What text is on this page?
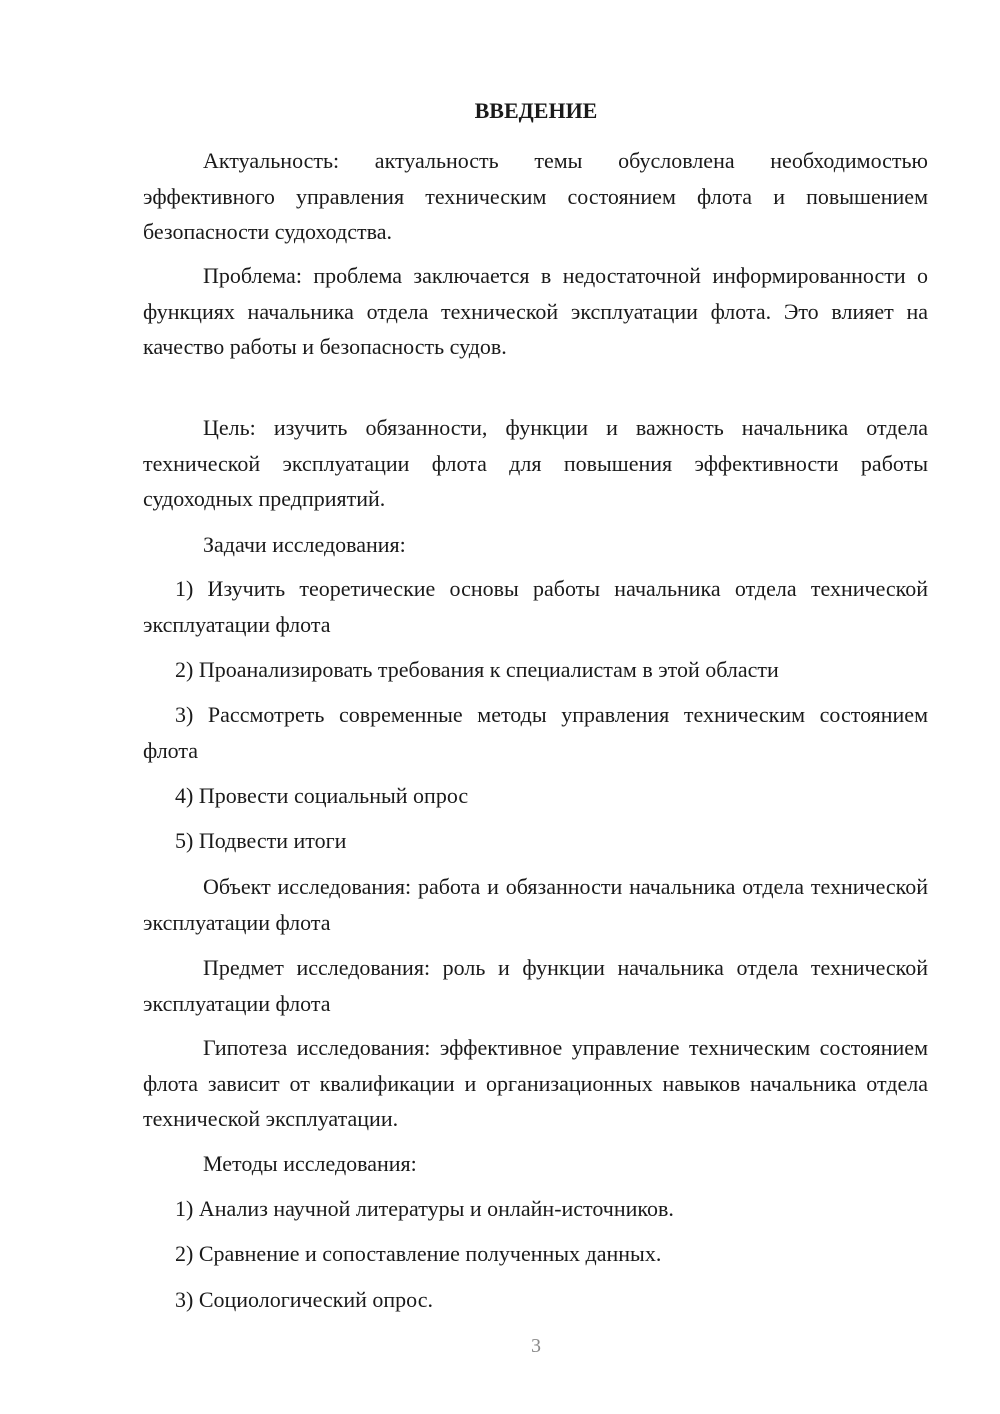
ВВЕДЕНИЕ
Актуальность: актуальность темы обусловлена необходимостью эффективного управления техническим состоянием флота и повышением безопасности судоходства.
Проблема: проблема заключается в недостаточной информированности о функциях начальника отдела технической эксплуатации флота. Это влияет на качество работы и безопасность судов.
Цель: изучить обязанности, функции и важность начальника отдела технической эксплуатации флота для повышения эффективности работы судоходных предприятий.
Задачи исследования:
1) Изучить теоретические основы работы начальника отдела технической эксплуатации флота
2) Проанализировать требования к специалистам в этой области
3) Рассмотреть современные методы управления техническим состоянием флота
4) Провести социальный опрос
5) Подвести итоги
Объект исследования: работа и обязанности начальника отдела технической эксплуатации флота
Предмет исследования: роль и функции начальника отдела технической эксплуатации флота
Гипотеза исследования: эффективное управление техническим состоянием флота зависит от квалификации и организационных навыков начальника отдела технической эксплуатации.
Методы исследования:
1) Анализ научной литературы и онлайн-источников.
2) Сравнение и сопоставление полученных данных.
3) Социологический опрос.
3
